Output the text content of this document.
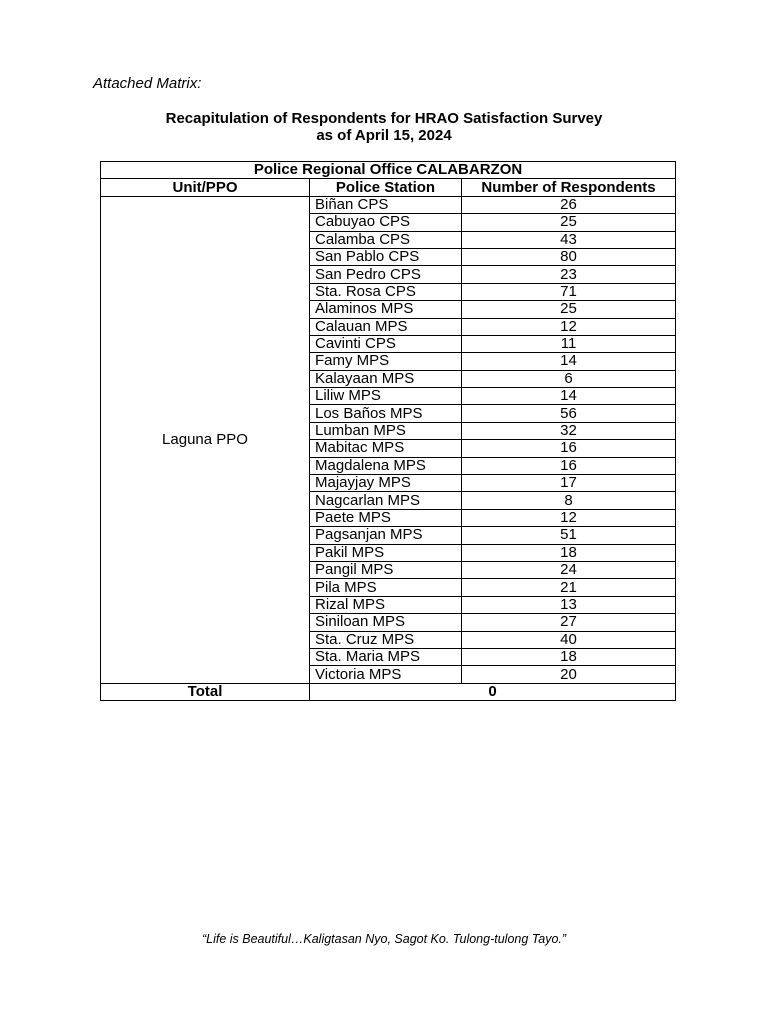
Attached Matrix:
Recapitulation of Respondents for HRAO Satisfaction Survey
as of April 15, 2024
Police Regional Office CALABARZON		
Unit/PPO	Police Station	Number of Respondents
Laguna PPO	Biñan CPS	26
	Cabuyao CPS	25
	Calamba CPS	43
	San Pablo CPS	80
	San Pedro CPS	23
	Sta. Rosa CPS	71
	Alaminos MPS	25
	Calauan MPS	12
	Cavinti CPS	11
	Famy MPS	14
	Kalayaan MPS	6
	Liliw MPS	14
	Los Baños MPS	56
	Lumban MPS	32
	Mabitac MPS	16
	Magdalena MPS	16
	Majayjay MPS	17
	Nagcarlan MPS	8
	Paete MPS	12
	Pagsanjan MPS	51
	Pakil MPS	18
	Pangil MPS	24
	Pila MPS	21
	Rizal MPS	13
	Siniloan MPS	27
	Sta. Cruz MPS	40
	Sta. Maria MPS	18
	Victoria MPS	20
Total	0	
“Life is Beautiful…Kaligtasan Nyo, Sagot Ko. Tulong-tulong Tayo.”
